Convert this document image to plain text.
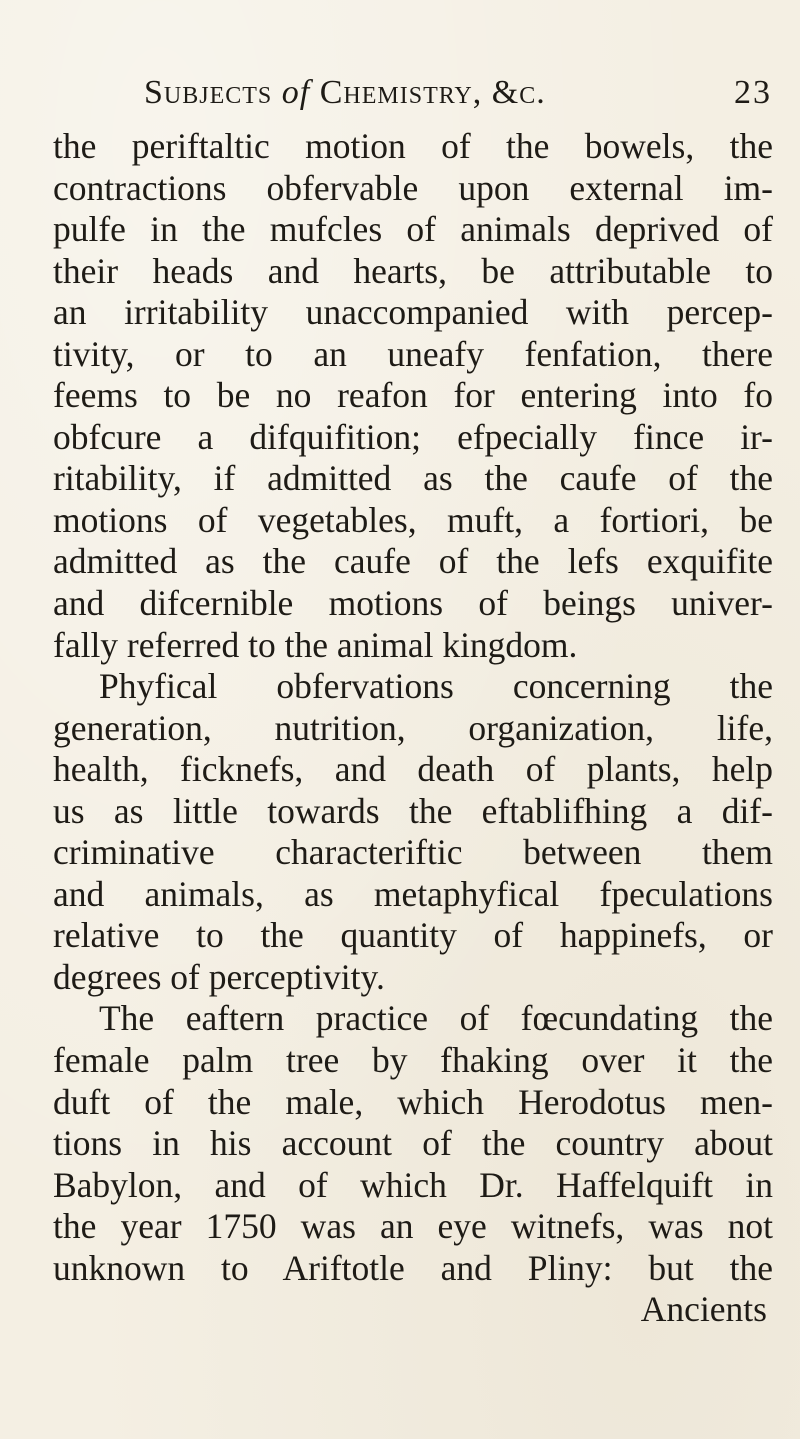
Subjects of Chemistry, &c.	23
the periftaltic motion of the bowels, the
contractions obfervable upon external im-
pulfe in the mufcles of animals deprived of
their heads and hearts, be attributable to
an irritability unaccompanied with percep-
tivity, or to an uneafy fenfation, there
feems to be no reafon for entering into fo
obfcure a difquifition; efpecially fince ir-
ritability, if admitted as the caufe of the
motions of vegetables, muft, a fortiori, be
admitted as the caufe of the lefs exquifite
and difcernible motions of beings univer-
fally referred to the animal kingdom.
Phyfical obfervations concerning the
generation, nutrition, organization, life,
health, ficknefs, and death of plants, help
us as little towards the eftablifhing a dif-
criminative characteriftic between them
and animals, as metaphyfical fpeculations
relative to the quantity of happinefs, or
degrees of perceptivity.
The eaftern practice of fœcundating the
female palm tree by fhaking over it the
duft of the male, which Herodotus men-
tions in his account of the country about
Babylon, and of which Dr. Haffelquift in
the year 1750 was an eye witnefs, was not
unknown to Ariftotle and Pliny: but the
Ancients
